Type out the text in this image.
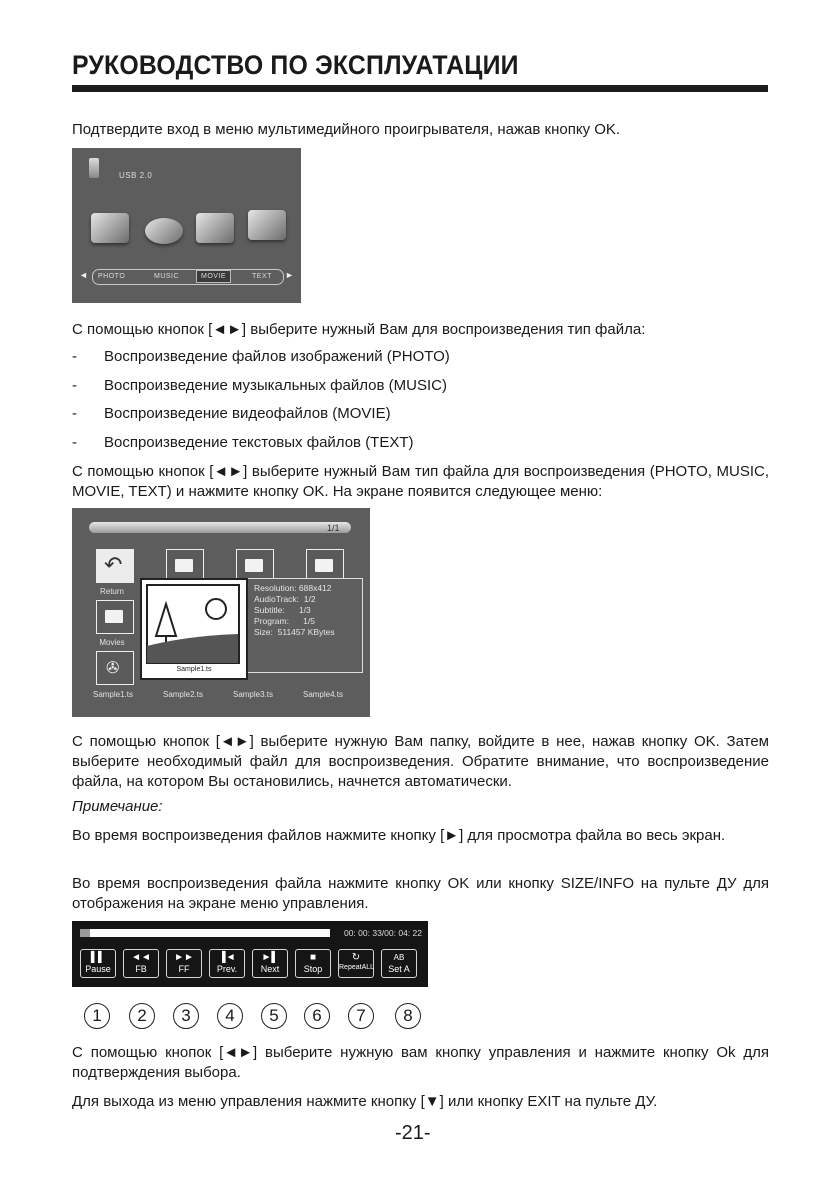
РУКОВОДСТВО ПО ЭКСПЛУАТАЦИИ
Подтвердите вход в меню мультимедийного проигрывателя, нажав кнопку OK.
USB 2.0
◄ PHOTO	MUSIC	MOVIE	TEXT ►
С помощью кнопок [◄►] выберите нужный Вам для воспроизведения тип файла:
- Воспроизведение файлов изображений (PHOTO)
- Воспроизведение музыкальных файлов (MUSIC)
- Воспроизведение видеофайлов (MOVIE)
- Воспроизведение текстовых файлов (TEXT)
С помощью кнопок [◄►] выберите нужный Вам тип файла для воспроизведения (PHOTO, MUSIC, MOVIE, TEXT) и нажмите кнопку OK. На экране появится следующее меню:
1/1
↶
Return
Movies
✇
Sample1.ts	Sample2.ts	Sample3.ts	Sample4.ts
Resolution: 688x412
AudioTrack:  1/2
Subtitle:      1/3
Program:      1/5
Size:  511457 KBytes
Sample1.ts
С помощью кнопок [◄►] выберите нужную Вам папку, войдите в нее, нажав кнопку OK. Затем выберите необходимый файл для воспроизведения. Обратите внимание, что воспроизведение файла, на котором Вы остановились, начнется автоматически.
Примечание:
Во время воспроизведения файлов нажмите кнопку [►] для просмотра файла во весь экран.
Во время воспроизведения файла нажмите кнопку OK или кнопку SIZE/INFO на пульте ДУ для отображения на экране меню управления.
00: 00: 33/00: 04: 22
▌▌
Pause
◄◄
FB
►►
FF
▐◄
Prev.
►▌
Next
■
Stop
↻
RepeatALL
AB
Set A
1	2	3	4	5	6	7	8
С помощью кнопок [◄►] выберите нужную вам кнопку управления и нажмите кнопку Ok для подтверждения выбора.
Для выхода из меню управления нажмите кнопку [▼] или кнопку EXIT на пульте ДУ.
-21-
